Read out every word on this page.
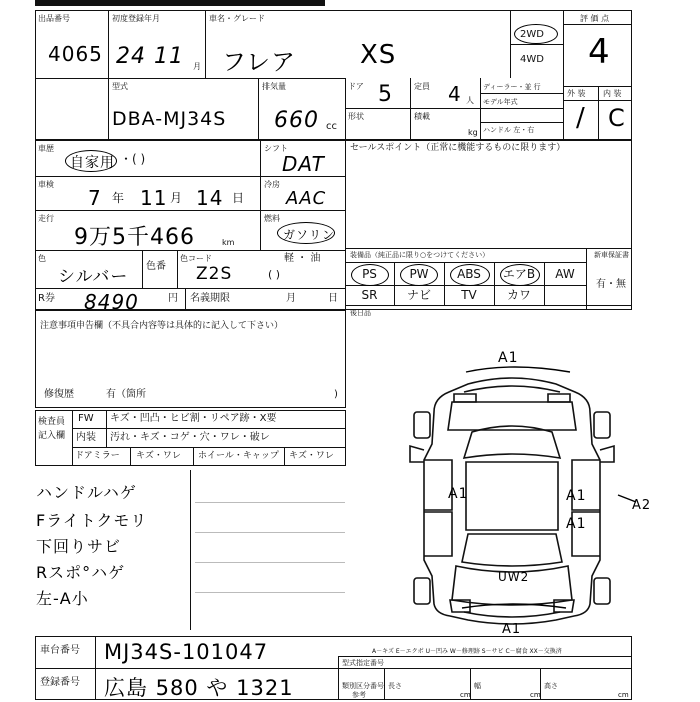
出品番号
4065
初度登録年月
24 11 月
車名・グレード
フレア XS
2WD
4WD
評 価 点
4
外 装 内 装
/ C
型式
DBA-MJ34S
排気量
660 cc
ドア 5	定員 4 人
形状	積載
kg
ディーラー・並 行
モデル年式
ハンドル 左・右
車歴
自家用 ・( )
シフト
DAT
車検
7 年 11 月 14 日
冷房
AAC
走行
9万5千466	km
燃料
ガソリン
色
シルバー
色番
色コード
Z2S
軽 ・ 油
( )
R券 8490	円 名義期限	月	日
セールスポイント（正常に機能するものに限ります）
装備品（純正品に限り○をつけてください）	新車保証書
有・無
PS	PW	ABS	エアB	AW
SR	ナビ	TV	カワ
後日品
注意事項申告欄（不具合内容等は具体的に記入して下さい）
修復歴	有（箇所	)
検査員
記入欄
FW キズ・凹凸・ヒビ割・リペア跡・X要
内装 汚れ・キズ・コゲ・穴・ワレ・破レ
ドアミラー キズ・ワレ ホイール・キャップ キズ・ワレ
ハンドルハゲ
Fライトクモリ
下回りサビ
Rスポ°ハゲ
左-A小
A1
A1	A1
A1
A1
A2
UW2
A－キズ E－エクボ U－凹み W－修理跡 S－サビ C－腐食 XX－交換済
車台番号 MJ34S-101047
登録番号 広島 580 や 1321
型式指定番号
類別区分番号
参考
長さ	幅	高さ
cm	cm	cm
